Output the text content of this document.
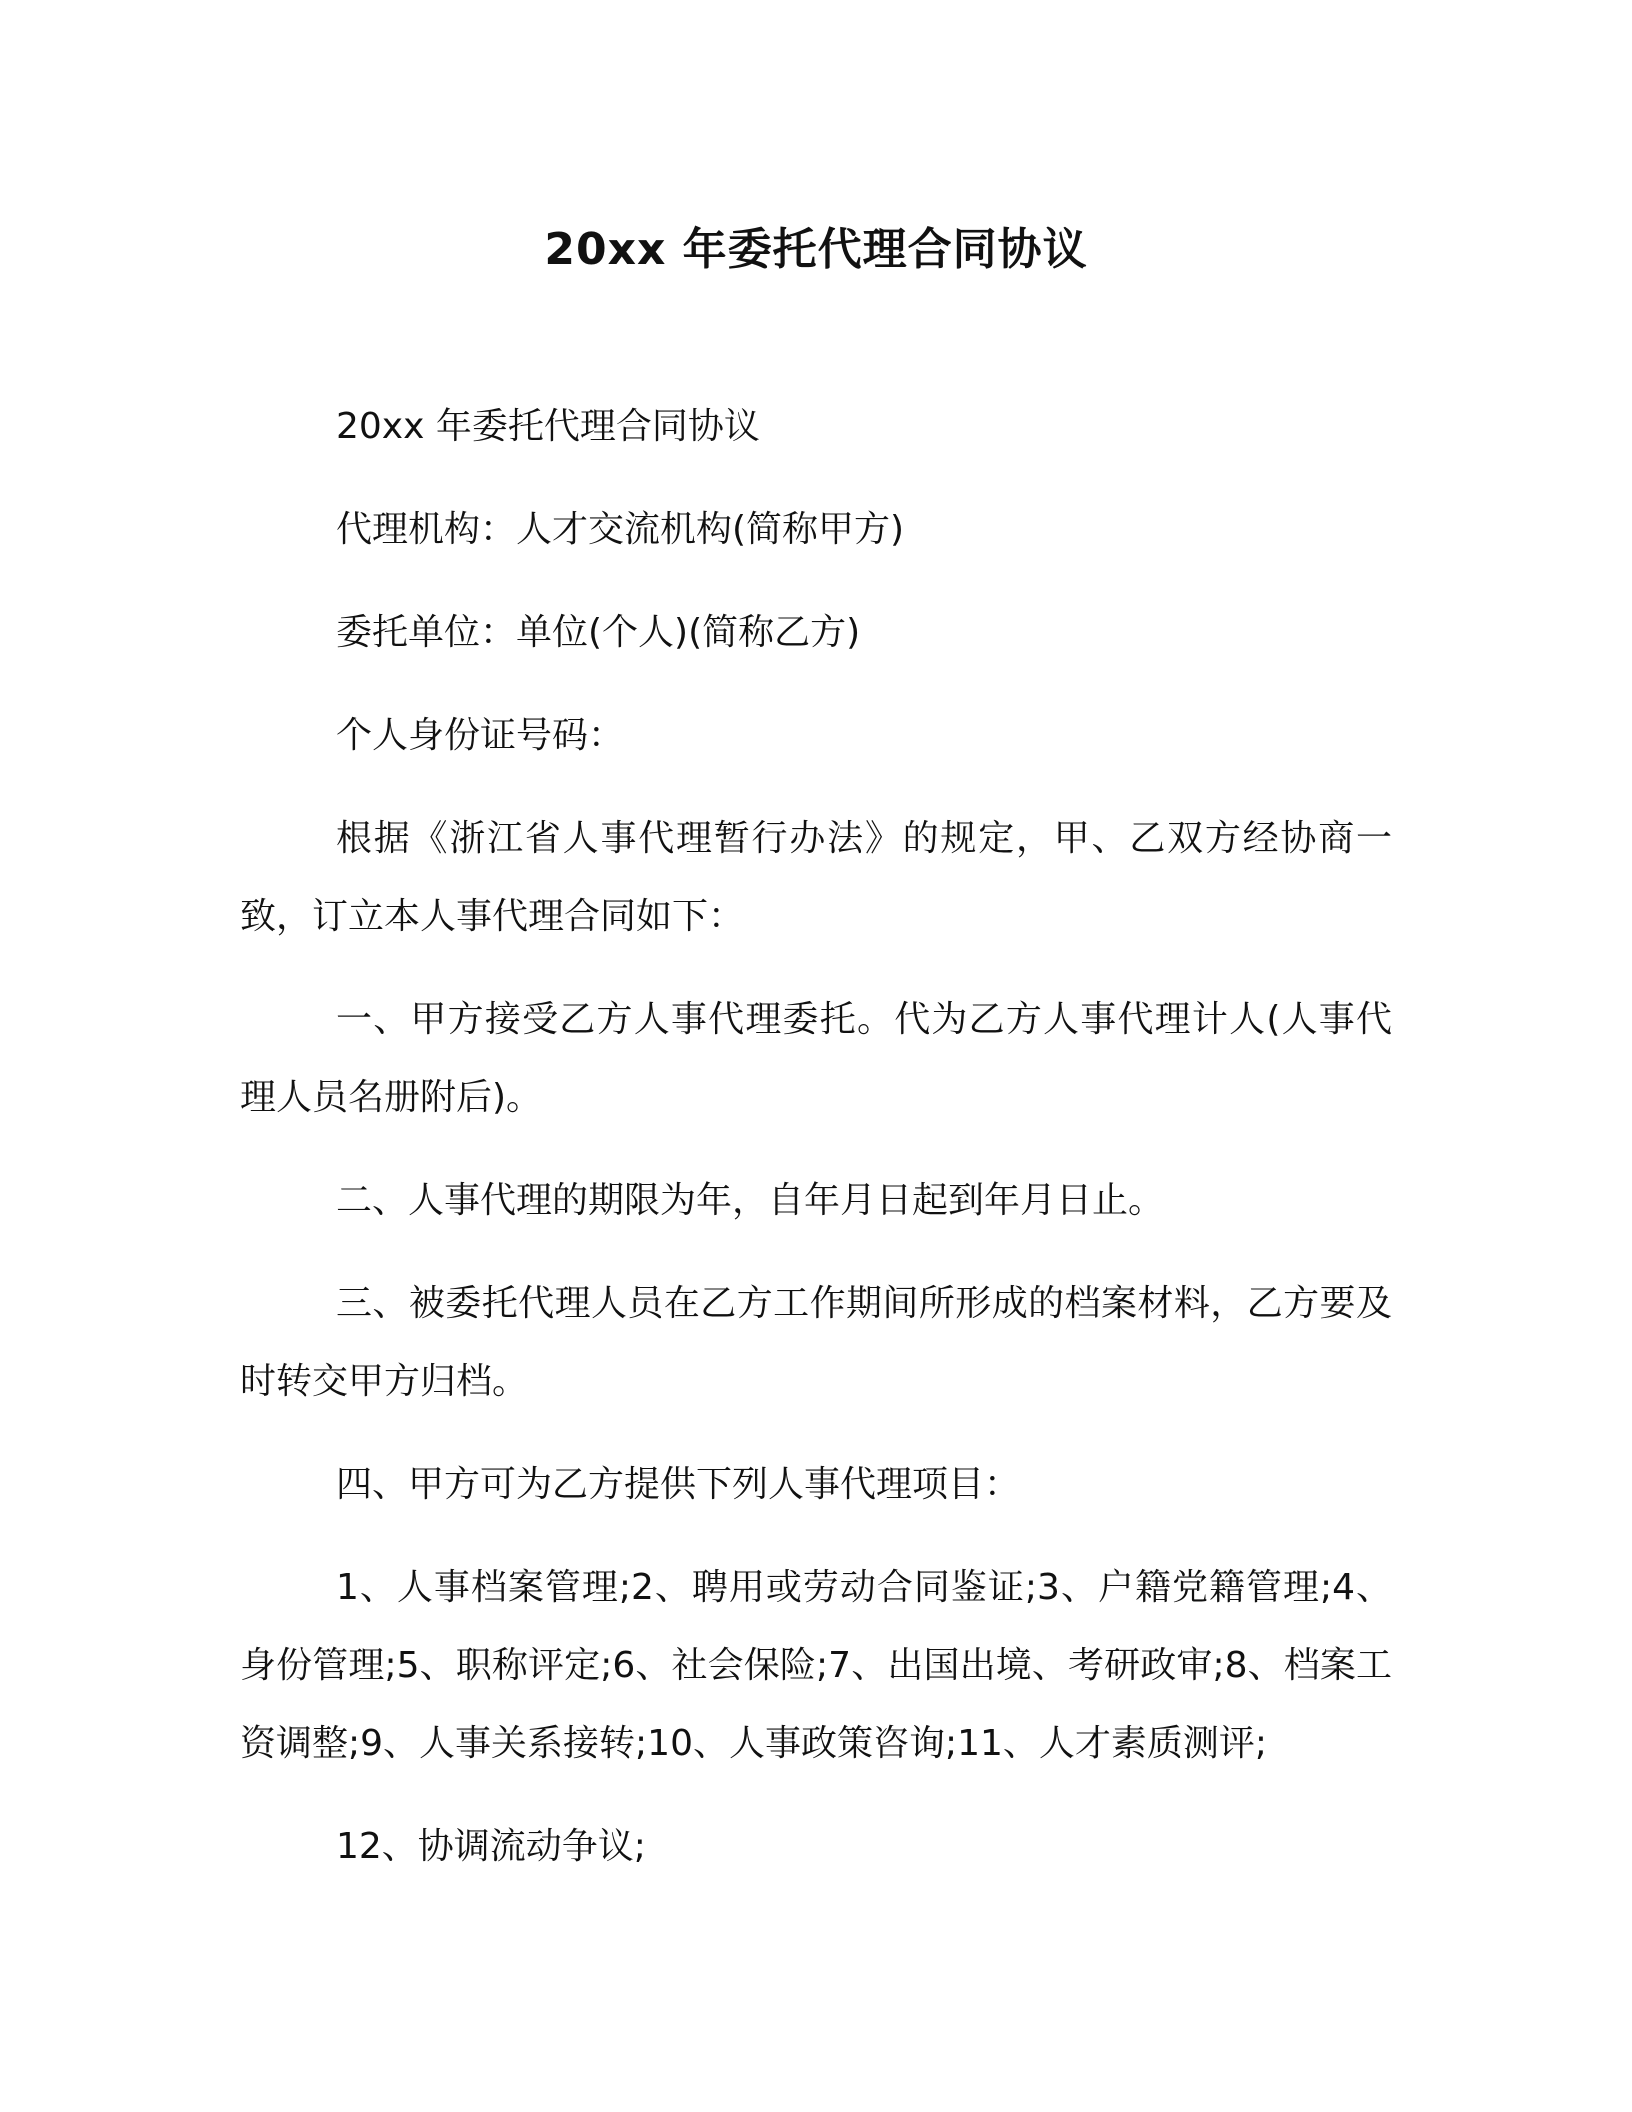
20xx 年委托代理合同协议

20xx 年委托代理合同协议

代理机构：人才交流机构(简称甲方)

委托单位：单位(个人)(简称乙方)

个人身份证号码：

根据《浙江省人事代理暂行办法》的规定，甲、乙双方经协商一致，订立本人事代理合同如下：

一、甲方接受乙方人事代理委托。代为乙方人事代理计人(人事代理人员名册附后)。

二、人事代理的期限为年，自年月日起到年月日止。

三、被委托代理人员在乙方工作期间所形成的档案材料，乙方要及时转交甲方归档。

四、甲方可为乙方提供下列人事代理项目：

1、人事档案管理;2、聘用或劳动合同鉴证;3、户籍党籍管理;4、身份管理;5、职称评定;6、社会保险;7、出国出境、考研政审;8、档案工资调整;9、人事关系接转;10、人事政策咨询;11、人才素质测评;

12、协调流动争议;
